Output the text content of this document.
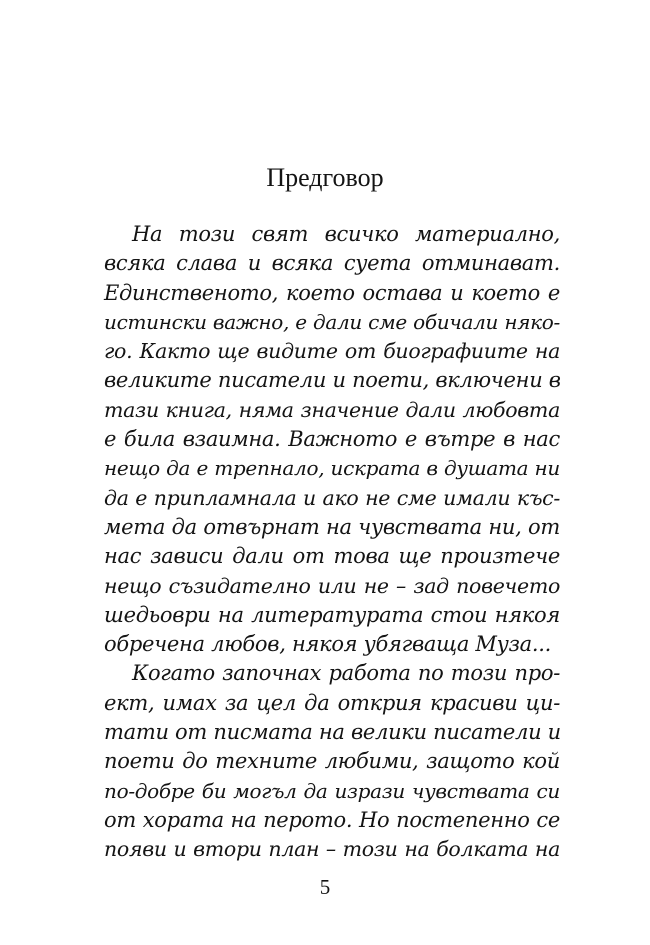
Предговор
На този свят всичко материално,
всяка слава и всяка суета отминават.
Единственото, което остава и което е
истински важно, е дали сме обичали няко-
го. Както ще видите от биографиите на
великите писатели и поети, включени в
тази книга, няма значение дали любовта
е била взаимна. Важното е вътре в нас
нещо да е трепнало, искрата в душата ни
да е припламнала и ако не сме имали къс-
мета да отвърнат на чувствата ни, от
нас зависи дали от това ще произтече
нещо съзидателно или не – зад повечето
шедьоври на литературата стои някоя
обречена любов, някоя убягваща Муза...
Когато започнах работа по този про-
ект, имах за цел да открия красиви ци-
тати от писмата на велики писатели и
поети до техните любими, защото кой
по-добре би могъл да изрази чувствата си
от хората на перото. Но постепенно се
появи и втори план – този на болката на
5
